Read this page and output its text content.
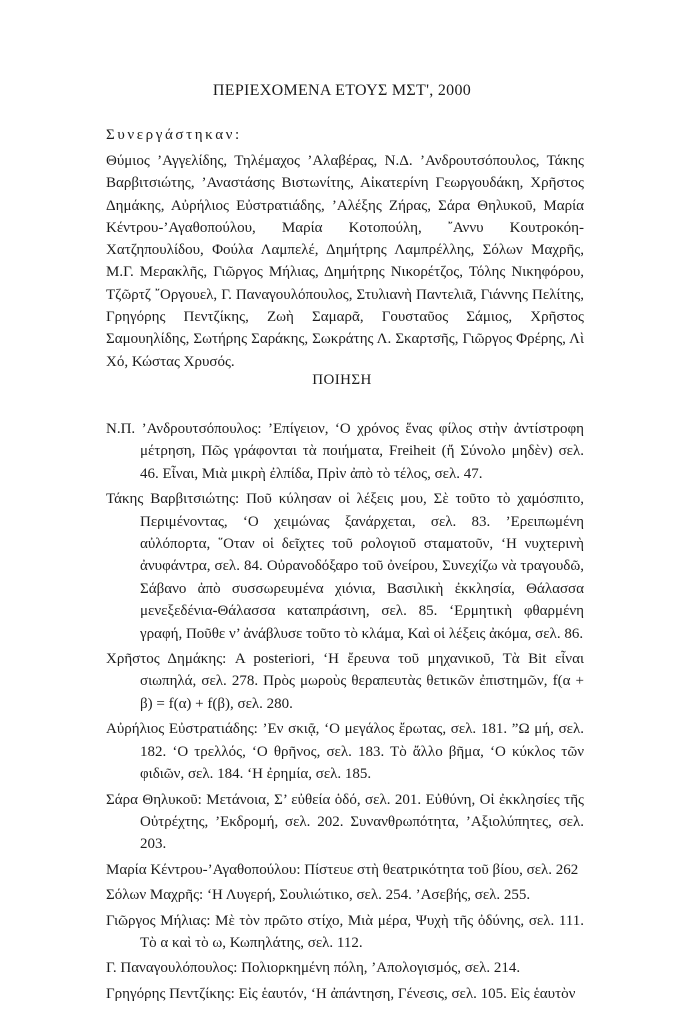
ΠΕΡΙΕΧΟΜΕΝΑ ΕΤΟΥΣ ΜΣΤ', 2000
Συνεργάστηκαν:
Θύμιος ’Αγγελίδης, Τηλέμαχος ’Αλαβέρας, Ν.Δ. ’Ανδρουτσόπουλος, Τάκης Βαρβιτσιώτης, ’Αναστάσης Βιστωνίτης, Αἰκατερίνη Γεωργουδάκη, Χρῆστος Δημάκης, Αὐρήλιος Εὐστρατιάδης, ’Αλέξης Ζήρας, Σάρα Θηλυκοῦ, Μαρία Κέντρου-’Αγαθοπούλου, Μαρία Κοτοπούλη, ῎Αννυ Κουτροκόη-Χατζηπουλίδου, Φούλα Λαμπελέ, Δημήτρης Λαμπρέλλης, Σόλων Μαχρῆς, Μ.Γ. Μερακλῆς, Γιῶργος Μήλιας, Δημήτρης Νικορέτζος, Τόλης Νικηφόρου, Τζῶρτζ ῎Οργουελ, Γ. Παναγουλόπουλος, Στυλιανὴ Παντελιᾶ, Γιάννης Πελίτης, Γρηγόρης Πεντζίκης, Ζωὴ Σαμαρᾶ, Γουσταῦος Σάμιος, Χρῆστος Σαμουηλίδης, Σωτήρης Σαράκης, Σωκράτης Λ. Σκαρτσῆς, Γιῶργος Φρέρης, Λὶ Χό, Κώστας Χρυσός.
ΠΟΙΗΣΗ

Ν.Π. ’Ανδρουτσόπουλος: ’Επίγειον, ‘Ο χρόνος ἕνας φίλος στὴν ἀντίστροφη μέτρηση, Πῶς γράφονται τὰ ποιήματα, Freiheit (ἤ Σύνολο μηδὲν) σελ. 46. Εἶναι, Μιὰ μικρὴ ἐλπίδα, Πρὶν ἀπὸ τὸ τέλος, σελ. 47.

Τάκης Βαρβιτσιώτης: Ποῦ κύλησαν οἱ λέξεις μου, Σὲ τοῦτο τὸ χαμόσπιτο, Περιμένοντας, ‘Ο χειμώνας ξανάρχεται, σελ. 83. ’Ερειπωμένη αὐλόπορτα, ῞Οταν οἱ δεῖχτες τοῦ ρολογιοῦ σταματοῦν, ‘Η νυχτερινὴ ἀνυφάντρα, σελ. 84. Οὐρανοδόξαρο τοῦ ὀνείρου, Συνεχίζω νὰ τραγουδῶ, Σάβανο ἀπὸ συσσωρευμένα χιόνια, Βασιλικὴ ἐκκλησία, Θάλασσα μενεξεδένια-Θάλασσα καταπράσινη, σελ. 85. ‘Ερμητικὴ φθαρμένη γραφή, Ποῦθε ν’ ἀνάβλυσε τοῦτο τὸ κλάμα, Καὶ οἱ λέξεις ἀκόμα, σελ. 86.

Χρῆστος Δημάκης: A posteriori, ‘Η ἔρευνα τοῦ μηχανικοῦ, Τὰ Bit εἶναι σιωπηλά, σελ. 278. Πρὸς μωροὺς θεραπευτὰς θετικῶν ἐπιστημῶν, f(α + β) = f(α) + f(β), σελ. 280.

Αὐρήλιος Εὐστρατιάδης: ’Εν σκιᾷ, ‘Ο μεγάλος ἔρωτας, σελ. 181. ”Ω μή, σελ. 182. ‘Ο τρελλός, ‘Ο θρῆνος, σελ. 183. Τὸ ἄλλο βῆμα, ‘Ο κύκλος τῶν φιδιῶν, σελ. 184. ‘Η ἐρημία, σελ. 185.

Σάρα Θηλυκοῦ: Μετάνοια, Σ’ εὐθεία ὁδό, σελ. 201. Εὐθύνη, Οἱ ἐκκλησίες τῆς Οὐτρέχτης, ’Εκδρομή, σελ. 202. Συνανθρωπότητα, ’Αξιολύπητες, σελ. 203.

Μαρία Κέντρου-’Αγαθοπούλου: Πίστευε στὴ θεατρικότητα τοῦ βίου, σελ. 262

Σόλων Μαχρῆς: ‘Η Λυγερή, Σουλιώτικο, σελ. 254. ’Ασεβής, σελ. 255.

Γιῶργος Μήλιας: Μὲ τὸν πρῶτο στίχο, Μιὰ μέρα, Ψυχὴ τῆς ὀδύνης, σελ. 111. Τὸ α καὶ τὸ ω, Κωπηλάτης, σελ. 112.

Γ. Παναγουλόπουλος: Πολιορκημένη πόλη, ’Απολογισμός, σελ. 214.

Γρηγόρης Πεντζίκης: Εἰς ἑαυτόν, ‘Η ἀπάντηση, Γένεσις, σελ. 105. Εἰς ἑαυτὸν
